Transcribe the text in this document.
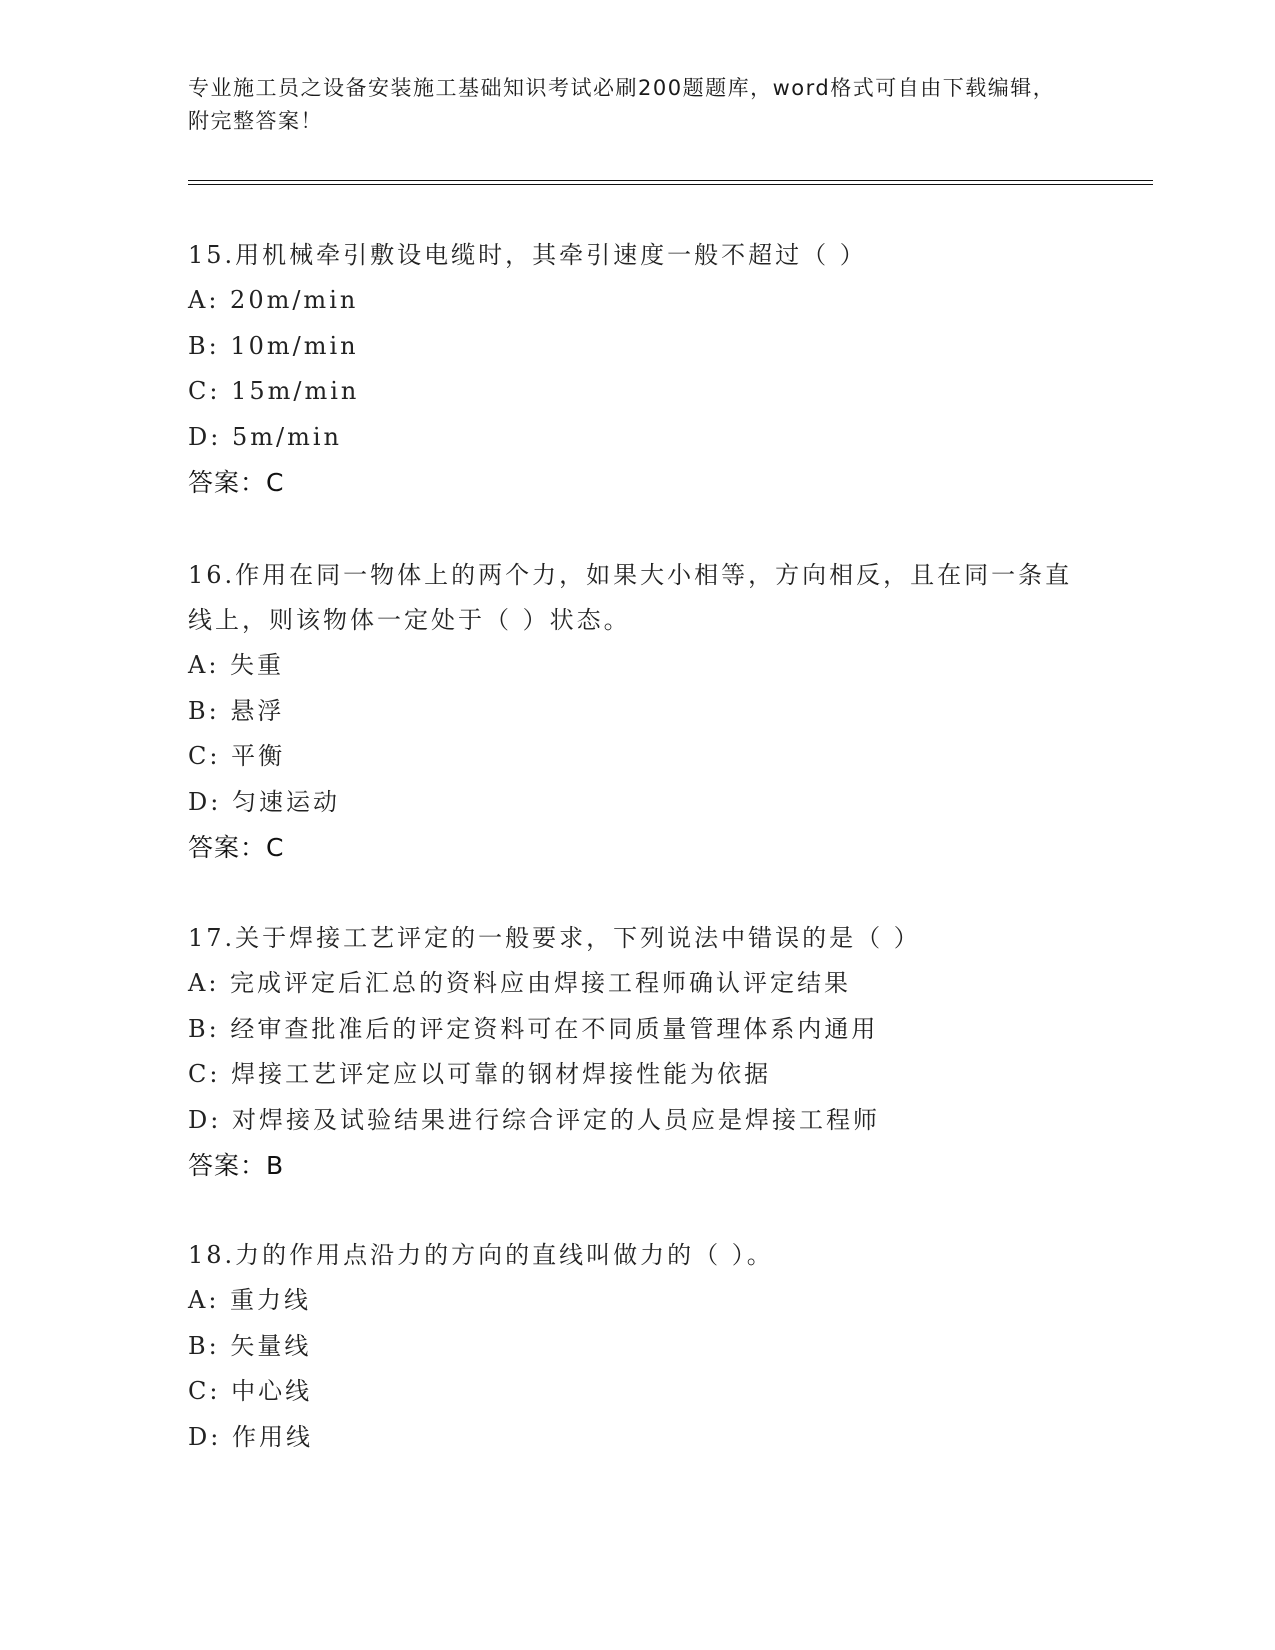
专业施工员之设备安装施工基础知识考试必刷200题题库，word格式可自由下载编辑，附完整答案！
15.用机械牵引敷设电缆时，其牵引速度一般不超过（ ）
A: 20m/min
B: 10m/min
C: 15m/min
D: 5m/min
答案：C
16.作用在同一物体上的两个力，如果大小相等，方向相反，且在同一条直线上，则该物体一定处于（ ）状态。
A: 失重
B: 悬浮
C: 平衡
D: 匀速运动
答案：C
17.关于焊接工艺评定的一般要求，下列说法中错误的是（ ）
A: 完成评定后汇总的资料应由焊接工程师确认评定结果
B: 经审查批准后的评定资料可在不同质量管理体系内通用
C: 焊接工艺评定应以可靠的钢材焊接性能为依据
D: 对焊接及试验结果进行综合评定的人员应是焊接工程师
答案：B
18.力的作用点沿力的方向的直线叫做力的（ ）。
A: 重力线
B: 矢量线
C: 中心线
D: 作用线
